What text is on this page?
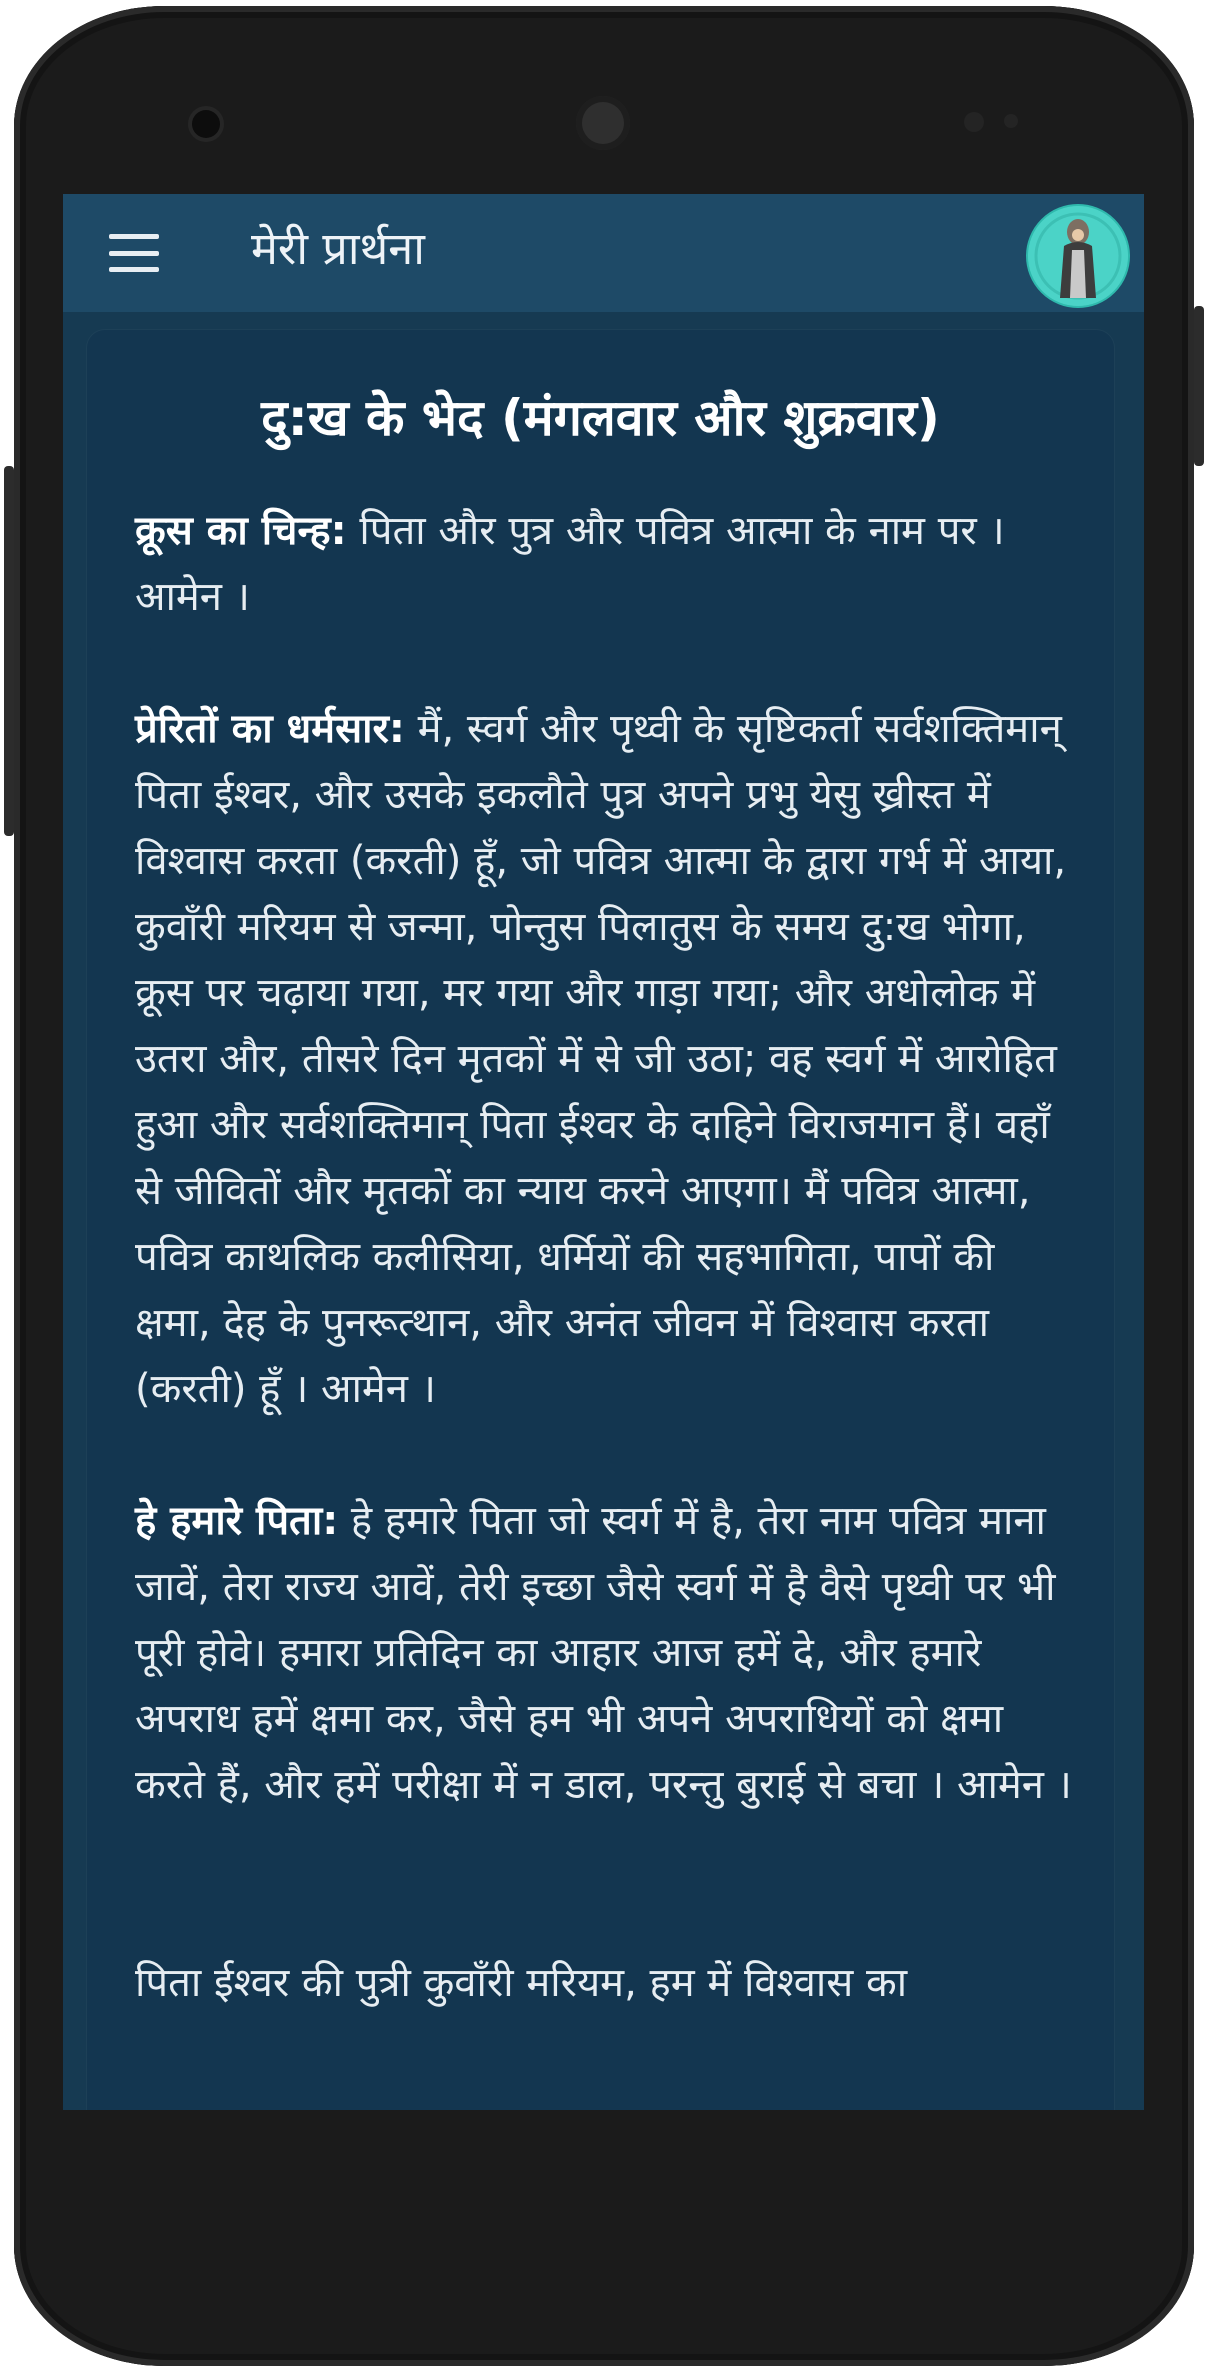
मेरी प्रार्थना
दु:ख के भेद (मंगलवार और शुक्रवार)

क्रूस का चिन्ह: पिता और पुत्र और पवित्र आत्मा के नाम पर । आमेन ।

प्रेरितों का धर्मसार: मैं, स्वर्ग और पृथ्वी के सृष्टिकर्ता सर्वशक्तिमान् पिता ईश्वर, और उसके इकलौते पुत्र अपने प्रभु येसु ख्रीस्त में विश्वास करता (करती) हूँ, जो पवित्र आत्मा के द्वारा गर्भ में आया, कुवाँरी मरियम से जन्मा, पोन्तुस पिलातुस के समय दु:ख भोगा, क्रूस पर चढ़ाया गया, मर गया और गाड़ा गया; और अधोलोक में उतरा और, तीसरे दिन मृतकों में से जी उठा; वह स्वर्ग में आरोहित हुआ और सर्वशक्तिमान् पिता ईश्वर के दाहिने विराजमान हैं। वहाँ से जीवितों और मृतकों का न्याय करने आएगा। मैं पवित्र आत्मा, पवित्र काथलिक कलीसिया, धर्मियों की सहभागिता, पापों की क्षमा, देह के पुनरूत्थान, और अनंत जीवन में विश्वास करता (करती) हूँ । आमेन ।

हे हमारे पिता: हे हमारे पिता जो स्वर्ग में है, तेरा नाम पवित्र माना जावें, तेरा राज्य आवें, तेरी इच्छा जैसे स्वर्ग में है वैसे पृथ्वी पर भी पूरी होवे। हमारा प्रतिदिन का आहार आज हमें दे, और हमारे अपराध हमें क्षमा कर, जैसे हम भी अपने अपराधियों को क्षमा करते हैं, और हमें परीक्षा में न डाल, परन्तु बुराई से बचा । आमेन ।

पिता ईश्वर की पुत्री कुवाँरी मरियम, हम में विश्वास का
